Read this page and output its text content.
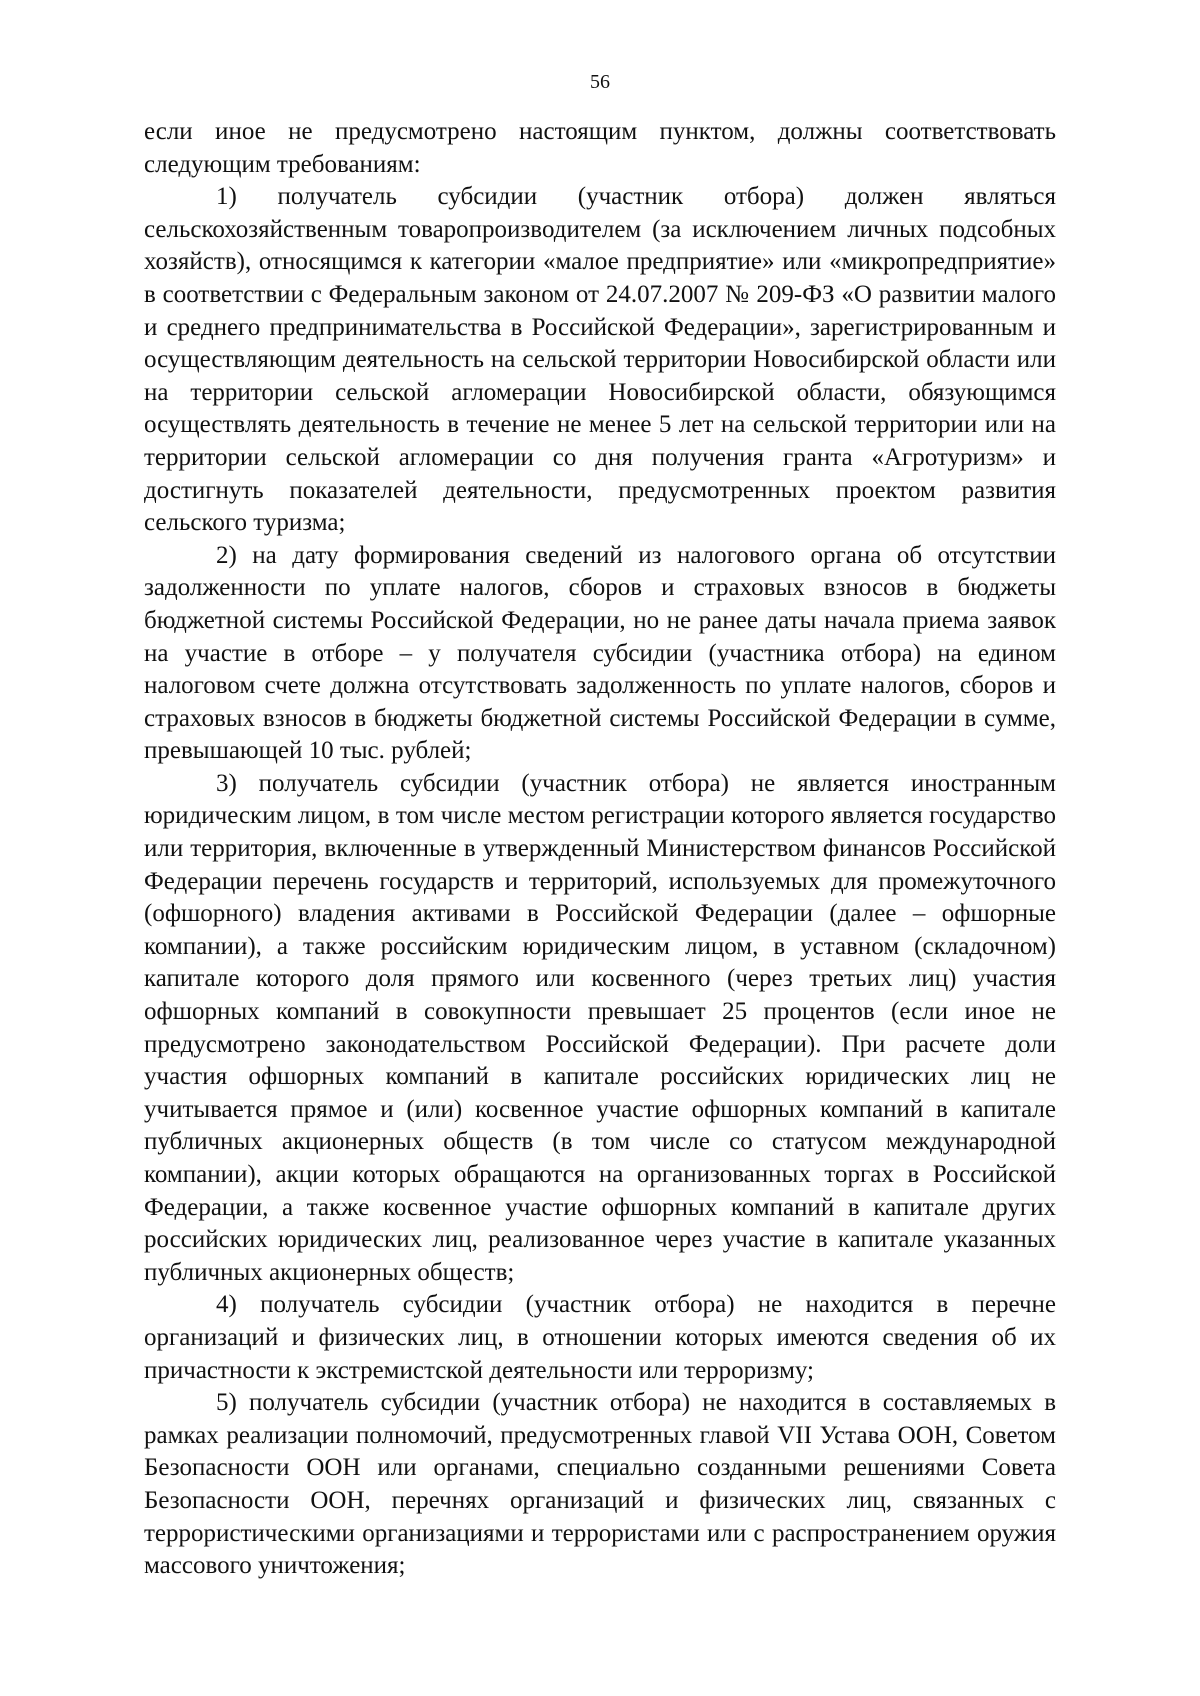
56

если иное не предусмотрено настоящим пунктом, должны соответствовать следующим требованиям:

1) получатель субсидии (участник отбора) должен являться сельскохозяйственным товаропроизводителем (за исключением личных подсобных хозяйств), относящимся к категории «малое предприятие» или «микропредприятие» в соответствии с Федеральным законом от 24.07.2007 № 209-ФЗ «О развитии малого и среднего предпринимательства в Российской Федерации», зарегистрированным и осуществляющим деятельность на сельской территории Новосибирской области или на территории сельской агломерации Новосибирской области, обязующимся осуществлять деятельность в течение не менее 5 лет на сельской территории или на территории сельской агломерации со дня получения гранта «Агротуризм» и достигнуть показателей деятельности, предусмотренных проектом развития сельского туризма;

2) на дату формирования сведений из налогового органа об отсутствии задолженности по уплате налогов, сборов и страховых взносов в бюджеты бюджетной системы Российской Федерации, но не ранее даты начала приема заявок на участие в отборе – у получателя субсидии (участника отбора) на едином налоговом счете должна отсутствовать задолженность по уплате налогов, сборов и страховых взносов в бюджеты бюджетной системы Российской Федерации в сумме, превышающей 10 тыс. рублей;

3) получатель субсидии (участник отбора) не является иностранным юридическим лицом, в том числе местом регистрации которого является государство или территория, включенные в утвержденный Министерством финансов Российской Федерации перечень государств и территорий, используемых для промежуточного (офшорного) владения активами в Российской Федерации (далее – офшорные компании), а также российским юридическим лицом, в уставном (складочном) капитале которого доля прямого или косвенного (через третьих лиц) участия офшорных компаний в совокупности превышает 25 процентов (если иное не предусмотрено законодательством Российской Федерации). При расчете доли участия офшорных компаний в капитале российских юридических лиц не учитывается прямое и (или) косвенное участие офшорных компаний в капитале публичных акционерных обществ (в том числе со статусом международной компании), акции которых обращаются на организованных торгах в Российской Федерации, а также косвенное участие офшорных компаний в капитале других российских юридических лиц, реализованное через участие в капитале указанных публичных акционерных обществ;

4) получатель субсидии (участник отбора) не находится в перечне организаций и физических лиц, в отношении которых имеются сведения об их причастности к экстремистской деятельности или терроризму;

5) получатель субсидии (участник отбора) не находится в составляемых в рамках реализации полномочий, предусмотренных главой VII Устава ООН, Советом Безопасности ООН или органами, специально созданными решениями Совета Безопасности ООН, перечнях организаций и физических лиц, связанных с террористическими организациями и террористами или с распространением оружия массового уничтожения;
